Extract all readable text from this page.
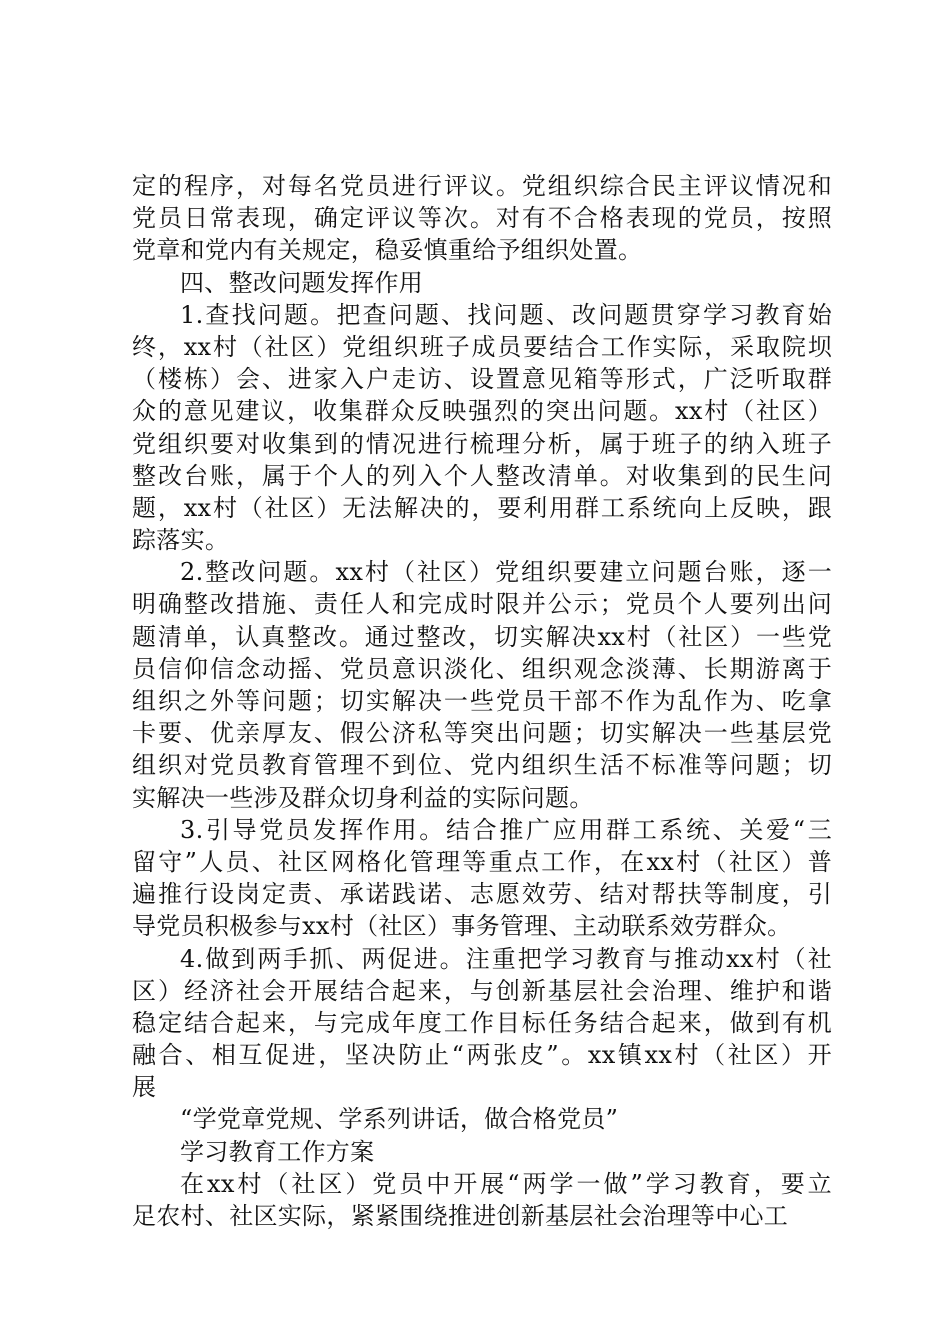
定的程序，对每名党员进行评议。党组织综合民主评议情况和
党员日常表现，确定评议等次。对有不合格表现的党员，按照
党章和党内有关规定，稳妥慎重给予组织处置。
四、整改问题发挥作用
1.查找问题。把查问题、找问题、改问题贯穿学习教育始
终，xx村（社区）党组织班子成员要结合工作实际，采取院坝
（楼栋）会、进家入户走访、设置意见箱等形式，广泛听取群
众的意见建议，收集群众反映强烈的突出问题。xx村（社区）
党组织要对收集到的情况进行梳理分析，属于班子的纳入班子
整改台账，属于个人的列入个人整改清单。对收集到的民生问
题，xx村（社区）无法解决的，要利用群工系统向上反映，跟
踪落实。
2.整改问题。xx村（社区）党组织要建立问题台账，逐一
明确整改措施、责任人和完成时限并公示；党员个人要列出问
题清单，认真整改。通过整改，切实解决xx村（社区）一些党
员信仰信念动摇、党员意识淡化、组织观念淡薄、长期游离于
组织之外等问题；切实解决一些党员干部不作为乱作为、吃拿
卡要、优亲厚友、假公济私等突出问题；切实解决一些基层党
组织对党员教育管理不到位、党内组织生活不标准等问题；切
实解决一些涉及群众切身利益的实际问题。
3.引导党员发挥作用。结合推广应用群工系统、关爱“三
留守”人员、社区网格化管理等重点工作，在xx村（社区）普
遍推行设岗定责、承诺践诺、志愿效劳、结对帮扶等制度，引
导党员积极参与xx村（社区）事务管理、主动联系效劳群众。
4.做到两手抓、两促进。注重把学习教育与推动xx村（社
区）经济社会开展结合起来，与创新基层社会治理、维护和谐
稳定结合起来，与完成年度工作目标任务结合起来，做到有机
融合、相互促进，坚决防止“两张皮”。xx镇xx村（社区）开
展
“学党章党规、学系列讲话，做合格党员”
学习教育工作方案
在xx村（社区）党员中开展“两学一做”学习教育，要立
足农村、社区实际，紧紧围绕推进创新基层社会治理等中心工
